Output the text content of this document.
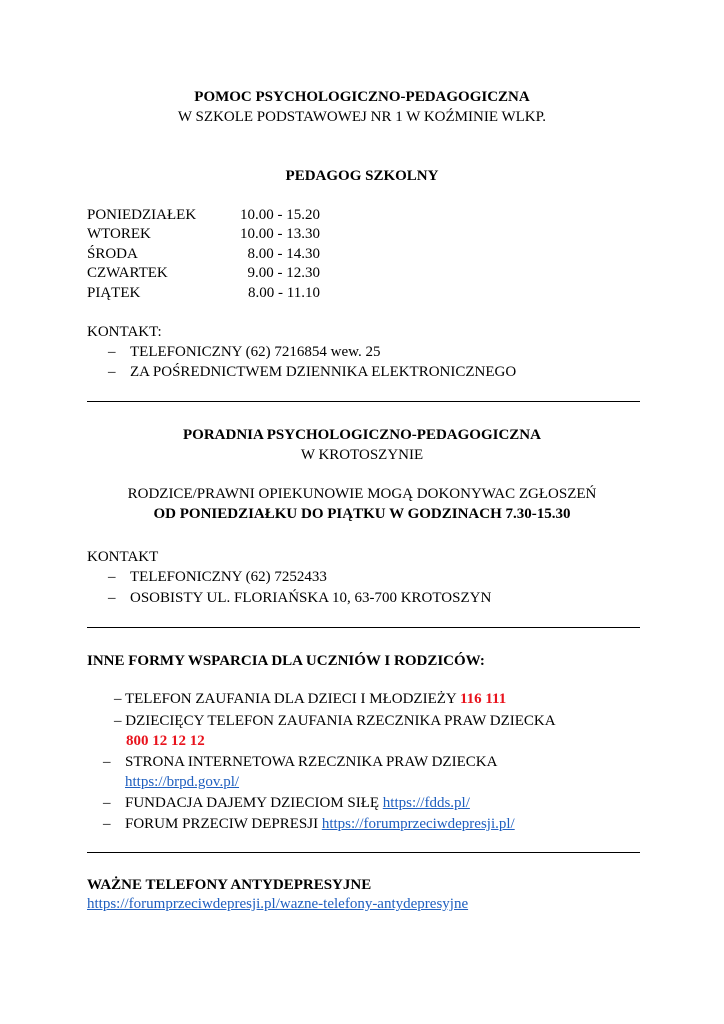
POMOC PSYCHOLOGICZNO-PEDAGOGICZNA
W SZKOLE PODSTAWOWEJ NR 1 W KOŹMINIE WLKP.
PEDAGOG SZKOLNY
PONIEDZIAŁEK	10.00 - 15.20
WTOREK	10.00 - 13.30
ŚRODA	8.00 - 14.30
CZWARTEK	9.00 - 12.30
PIĄTEK	8.00 - 11.10
KONTAKT:
– TELEFONICZNY (62) 7216854 wew. 25
– ZA POŚREDNICTWEM DZIENNIKA ELEKTRONICZNEGO
PORADNIA PSYCHOLOGICZNO-PEDAGOGICZNA
W KROTOSZYNIE
RODZICE/PRAWNI OPIEKUNOWIE MOGĄ DOKONYWAC ZGŁOSZEŃ
OD PONIEDZIAŁKU DO PIĄTKU W GODZINACH 7.30-15.30
KONTAKT
– TELEFONICZNY (62) 7252433
– OSOBISTY UL. FLORIAŃSKA 10, 63-700 KROTOSZYN
INNE FORMY WSPARCIA DLA UCZNIÓW I RODZICÓW:
– TELEFON ZAUFANIA DLA DZIECI I MŁODZIEŻY 116 111
– DZIECIĘCY TELEFON ZAUFANIA RZECZNIKA PRAW DZIECKA
800 12 12 12
– STRONA INTERNETOWA RZECZNIKA PRAW DZIECKA
https://brpd.gov.pl/
– FUNDACJA DAJEMY DZIECIOM SIŁĘ https://fdds.pl/
– FORUM PRZECIW DEPRESJI https://forumprzeciwdepresji.pl/
WAŻNE TELEFONY ANTYDEPRESYJNE
https://forumprzeciwdepresji.pl/wazne-telefony-antydepresyjne
